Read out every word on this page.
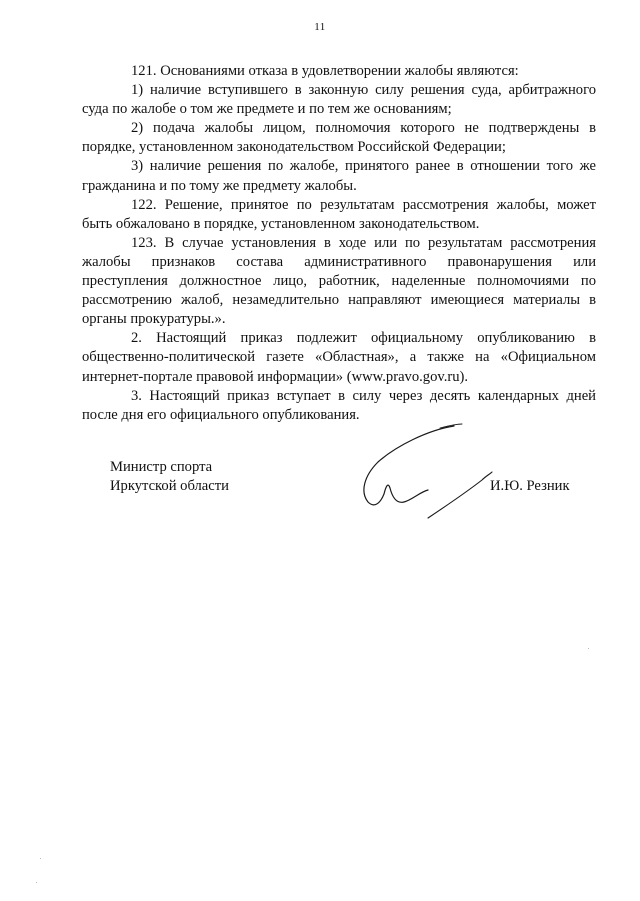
11

121. Основаниями отказа в удовлетворении жалобы являются:

1) наличие вступившего в законную силу решения суда, арбитражного суда по жалобе о том же предмете и по тем же основаниям;

2) подача жалобы лицом, полномочия которого не подтверждены в порядке, установленном законодательством Российской Федерации;

3) наличие решения по жалобе, принятого ранее в отношении того же гражданина и по тому же предмету жалобы.

122. Решение, принятое по результатам рассмотрения жалобы, может быть обжаловано в порядке, установленном законодательством.

123. В случае установления в ходе или по результатам рассмотрения жалобы признаков состава административного правонарушения или преступления должностное лицо, работник, наделенные полномочиями по рассмотрению жалоб, незамедлительно направляют имеющиеся материалы в органы прокуратуры.».

2. Настоящий приказ подлежит официальному опубликованию в общественно-политической газете «Областная», а также на «Официальном интернет-портале правовой информации» (www.pravo.gov.ru).

3. Настоящий приказ вступает в силу через десять календарных дней после дня его официального опубликования.

Министр спорта
Иркутской области	И.Ю. Резник
